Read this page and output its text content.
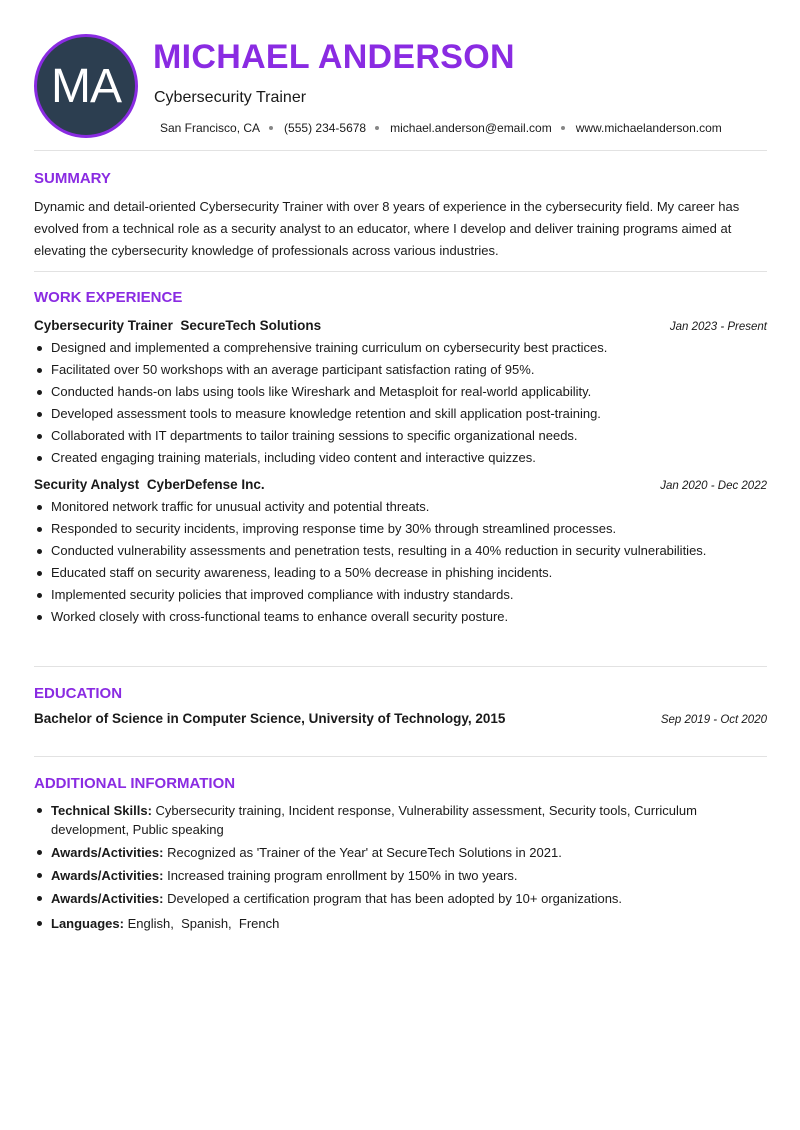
MA
MICHAEL ANDERSON
Cybersecurity Trainer
San Francisco, CA (555) 234-5678 michael.anderson@email.com www.michaelanderson.com
SUMMARY

Dynamic and detail-oriented Cybersecurity Trainer with over 8 years of experience in the cybersecurity field. My career has evolved from a technical role as a security analyst to an educator, where I develop and deliver training programs aimed at elevating the cybersecurity knowledge of professionals across various industries.

WORK EXPERIENCE
Cybersecurity Trainer SecureTech Solutions	Jan 2023 - Present
Designed and implemented a comprehensive training curriculum on cybersecurity best practices.
Facilitated over 50 workshops with an average participant satisfaction rating of 95%.
Conducted hands-on labs using tools like Wireshark and Metasploit for real-world applicability.
Developed assessment tools to measure knowledge retention and skill application post-training.
Collaborated with IT departments to tailor training sessions to specific organizational needs.
Created engaging training materials, including video content and interactive quizzes.
Security Analyst CyberDefense Inc.	Jan 2020 - Dec 2022
Monitored network traffic for unusual activity and potential threats.
Responded to security incidents, improving response time by 30% through streamlined processes.
Conducted vulnerability assessments and penetration tests, resulting in a 40% reduction in security vulnerabilities.
Educated staff on security awareness, leading to a 50% decrease in phishing incidents.
Implemented security policies that improved compliance with industry standards.
Worked closely with cross-functional teams to enhance overall security posture.
EDUCATION
Bachelor of Science in Computer Science, University of Technology, 2015	Sep 2019 - Oct 2020
ADDITIONAL INFORMATION
Technical Skills: Cybersecurity training, Incident response, Vulnerability assessment, Security tools, Curriculum development, Public speaking
Awards/Activities: Recognized as 'Trainer of the Year' at SecureTech Solutions in 2021.
Awards/Activities: Increased training program enrollment by 150% in two years.
Awards/Activities: Developed a certification program that has been adopted by 10+ organizations.
Languages: English,  Spanish,  French
